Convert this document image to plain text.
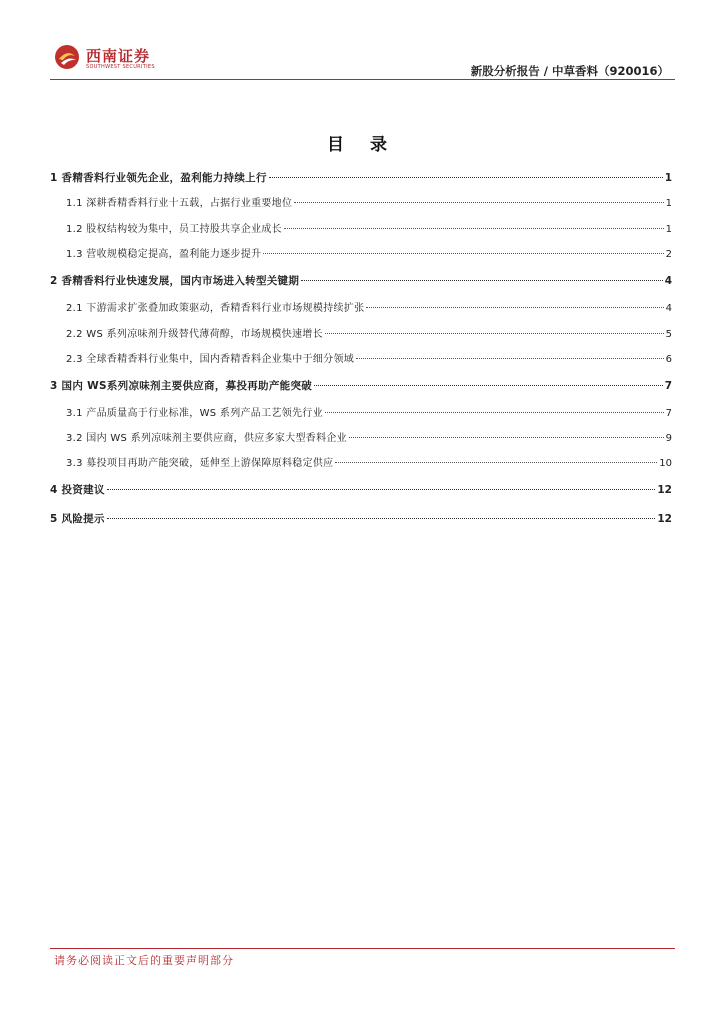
西南证券
SOUTHWEST SECURITIES	新股分析报告 / 中草香料（920016）
目 录
1 香精香料行业领先企业，盈利能力持续上行	1
1.1 深耕香精香料行业十五载，占据行业重要地位	1
1.2 股权结构较为集中，员工持股共享企业成长	1
1.3 营收规模稳定提高，盈利能力逐步提升	2
2 香精香料行业快速发展，国内市场进入转型关键期	4
2.1 下游需求扩张叠加政策驱动，香精香料行业市场规模持续扩张	4
2.2 WS 系列凉味剂升级替代薄荷醇，市场规模快速增长	5
2.3 全球香精香料行业集中，国内香精香料企业集中于细分领域	6
3 国内 WS系列凉味剂主要供应商，募投再助产能突破	7
3.1 产品质量高于行业标准，WS 系列产品工艺领先行业	7
3.2 国内 WS 系列凉味剂主要供应商，供应多家大型香料企业	9
3.3 募投项目再助产能突破，延伸至上游保障原料稳定供应	10
4 投资建议	12
5 风险提示	12
请务必阅读正文后的重要声明部分
